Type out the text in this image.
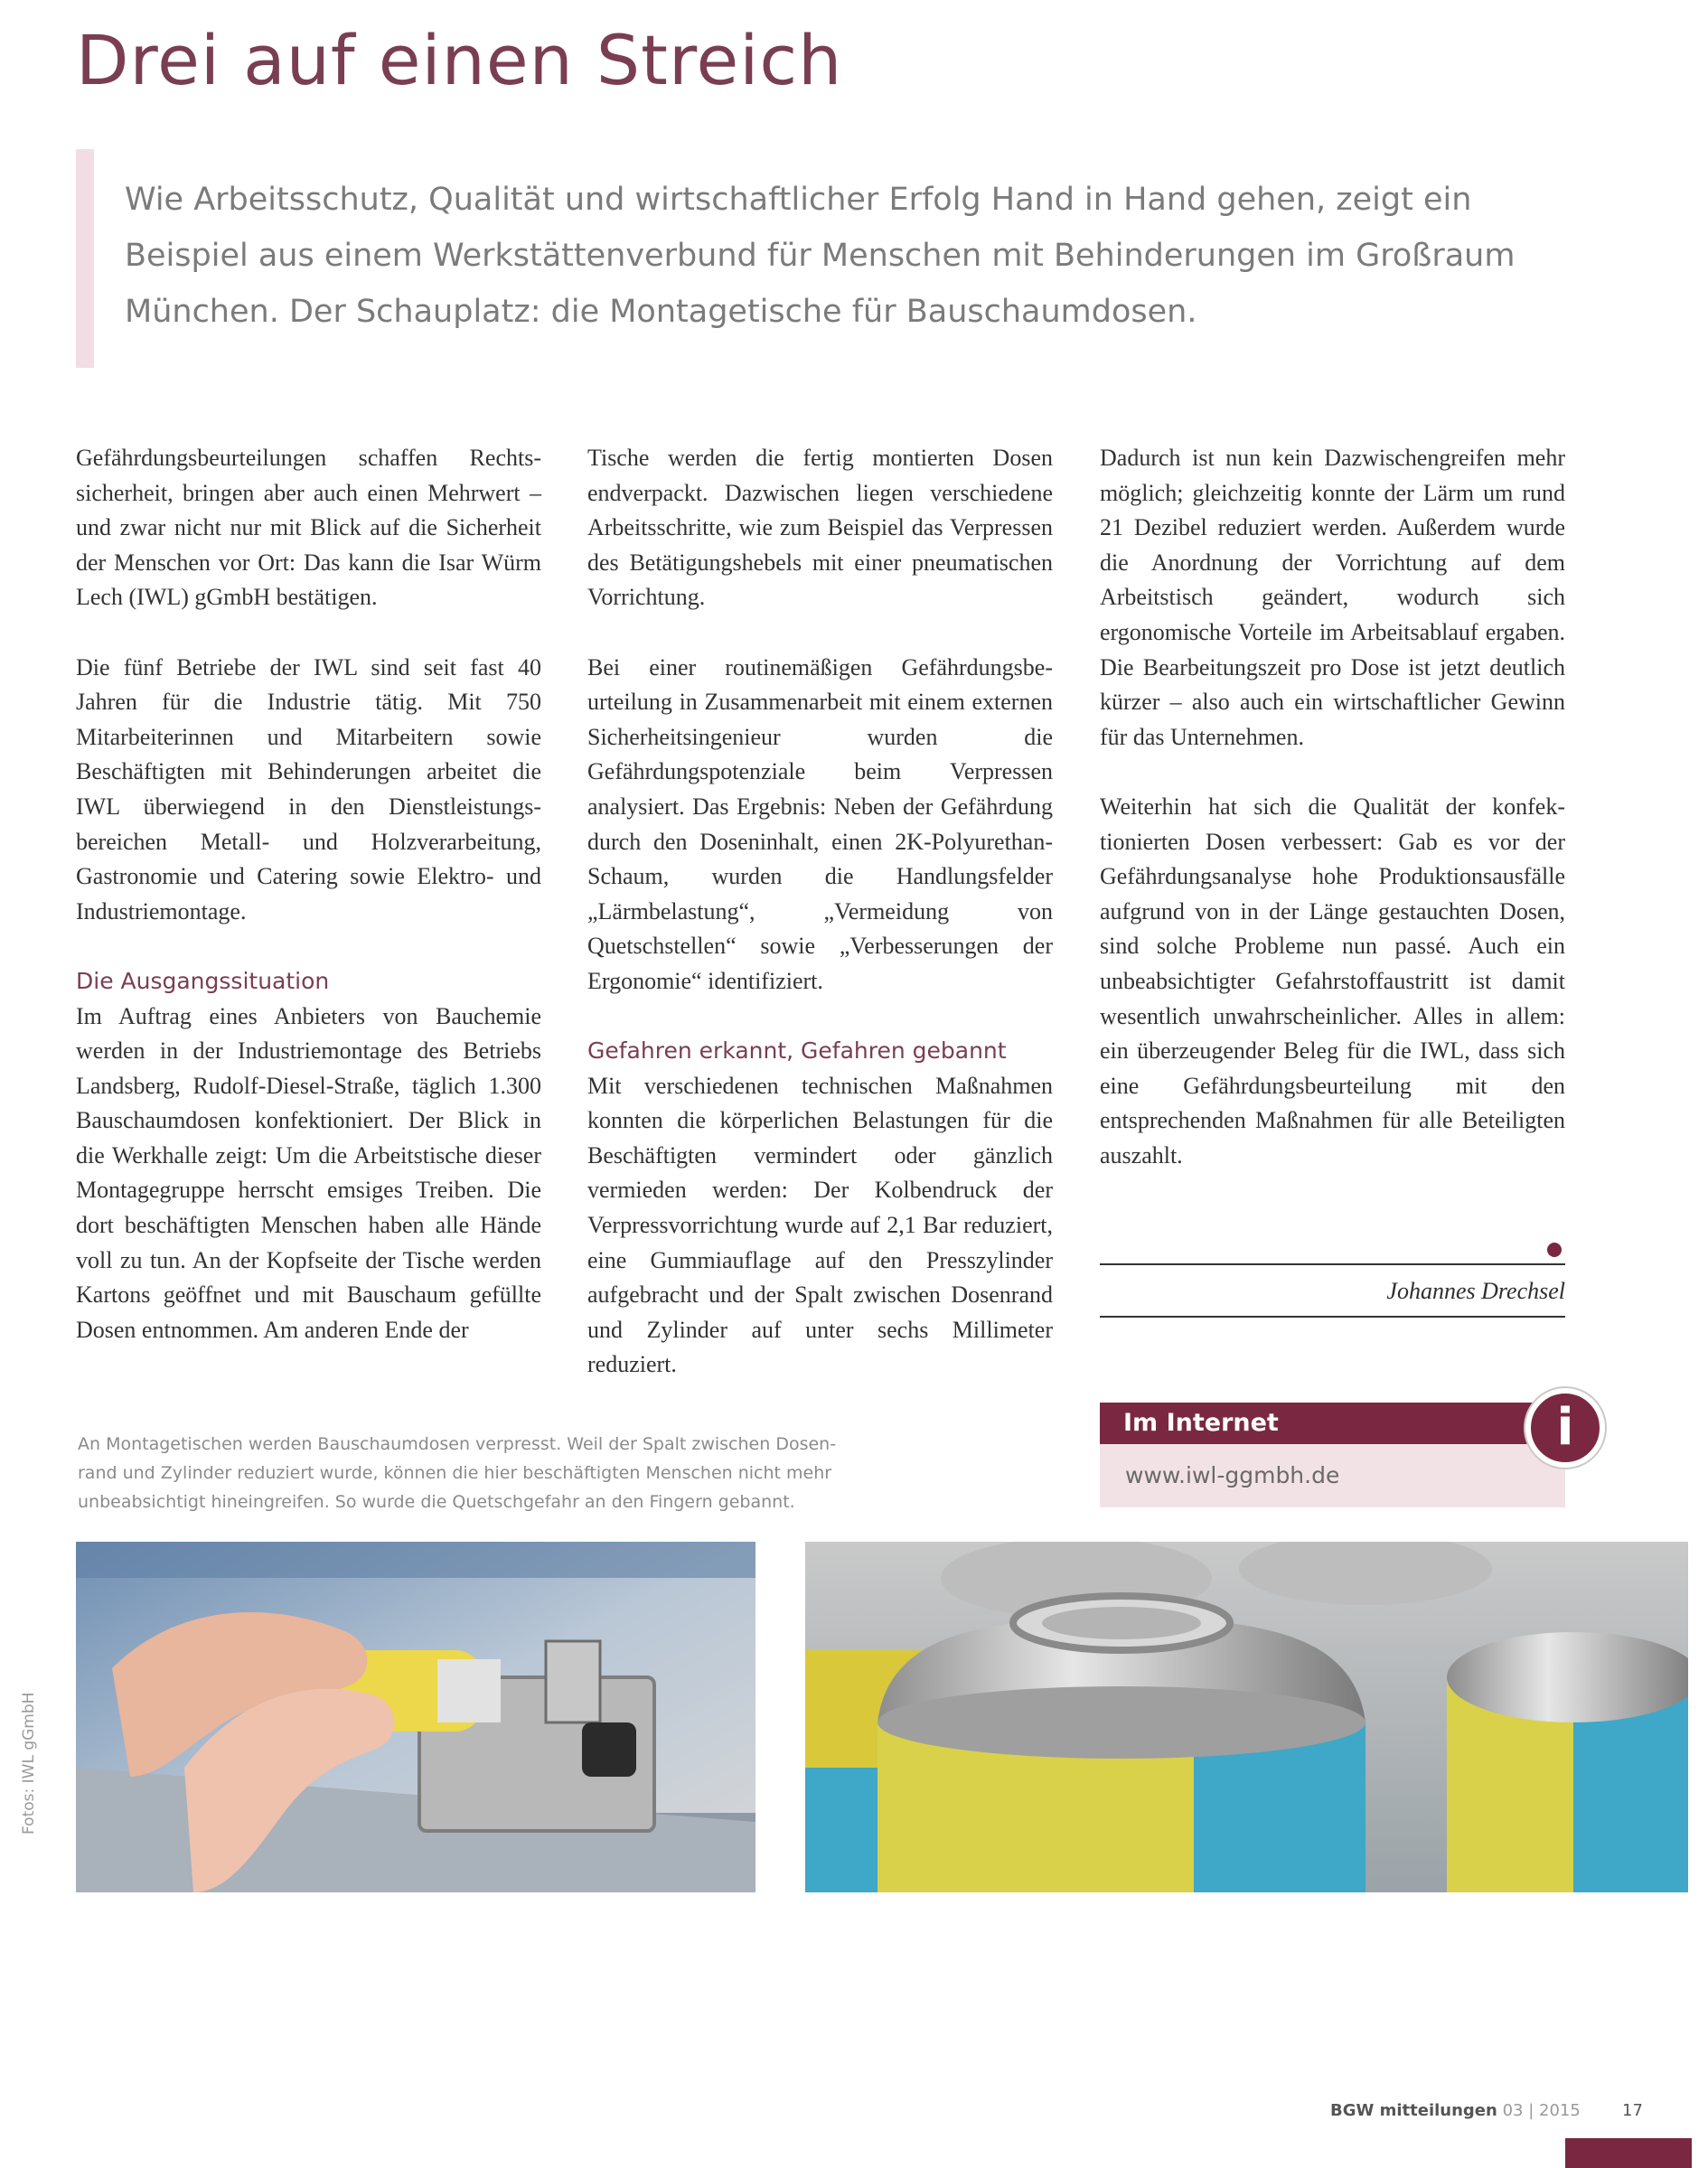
Drei auf einen Streich

Wie Arbeitsschutz, Qualität und wirtschaftlicher Erfolg Hand in Hand gehen, zeigt ein Beispiel aus einem Werkstättenverbund für Menschen mit Behinderungen im Großraum München. Der Schauplatz: die Montagetische für Bauschaumdosen.

Gefährdungsbeurteilungen schaffen Rechtssicherheit, bringen aber auch einen Mehrwert – und zwar nicht nur mit Blick auf die Sicherheit der Menschen vor Ort: Das kann die Isar Würm Lech (IWL) gGmbH bestätigen.

Die fünf Betriebe der IWL sind seit fast 40 Jahren für die Industrie tätig. Mit 750 Mitarbeiterinnen und Mitarbeitern sowie Beschäftigten mit Behinderungen arbeitet die IWL überwiegend in den Dienstleistungsbereichen Metall- und Holzverarbeitung, Gastronomie und Catering sowie Elektro- und Industriemontage.

Die Ausgangssituation

Im Auftrag eines Anbieters von Bauchemie werden in der Industriemontage des Betriebs Landsberg, Rudolf-Diesel-Straße, täglich 1.300 Bauschaumdosen konfektioniert. Der Blick in die Werkhalle zeigt: Um die Arbeitstische dieser Montagegruppe herrscht emsiges Treiben. Die dort beschäftigten Menschen haben alle Hände voll zu tun. An der Kopfseite der Tische werden Kartons geöffnet und mit Bauschaum gefüllte Dosen entnommen. Am anderen Ende der

Tische werden die fertig montierten Dosen endverpackt. Dazwischen liegen verschiedene Arbeitsschritte, wie zum Beispiel das Verpressen des Betätigungshebels mit einer pneumatischen Vorrichtung.

Bei einer routinemäßigen Gefährdungsbeurteilung in Zusammenarbeit mit einem externen Sicherheitsingenieur wurden die Gefährdungspotenziale beim Verpressen analysiert. Das Ergebnis: Neben der Gefährdung durch den Doseninhalt, einen 2K-Polyurethan-Schaum, wurden die Handlungsfelder „Lärmbelastung“, „Vermeidung von Quetschstellen“ sowie „Verbesserungen der Ergonomie“ identifiziert.

Gefahren erkannt, Gefahren gebannt

Mit verschiedenen technischen Maßnahmen konnten die körperlichen Belastungen für die Beschäftigten vermindert oder gänzlich vermieden werden: Der Kolbendruck der Verpressvorrichtung wurde auf 2,1 Bar reduziert, eine Gummiauflage auf den Presszylinder aufgebracht und der Spalt zwischen Dosenrand und Zylinder auf unter sechs Millimeter reduziert.

Dadurch ist nun kein Dazwischengreifen mehr möglich; gleichzeitig konnte der Lärm um rund 21 Dezibel reduziert werden. Außerdem wurde die Anordnung der Vorrichtung auf dem Arbeitstisch geändert, wodurch sich ergonomische Vorteile im Arbeitsablauf ergaben. Die Bearbeitungszeit pro Dose ist jetzt deutlich kürzer – also auch ein wirtschaftlicher Gewinn für das Unternehmen.

Weiterhin hat sich die Qualität der konfektionierten Dosen verbessert: Gab es vor der Gefährdungsanalyse hohe Produktionsausfälle aufgrund von in der Länge gestauchten Dosen, sind solche Probleme nun passé. Auch ein unbeabsichtigter Gefahrstoffaustritt ist damit wesentlich unwahrscheinlicher. Alles in allem: ein überzeugender Beleg für die IWL, dass sich eine Gefährdungsbeurteilung mit den entsprechenden Maßnahmen für alle Beteiligten auszahlt.

Johannes Drechsel

An Montagetischen werden Bauschaumdosen verpresst. Weil der Spalt zwischen Dosenrand und Zylinder reduziert wurde, können die hier beschäftigten Menschen nicht mehr unbeabsichtigt hineingreifen. So wurde die Quetschgefahr an den Fingern gebannt.

Im Internet
www.iwl-ggmbh.de
i
Fotos: IWL gGmbH
BGW mitteilungen 03 | 2015	17
